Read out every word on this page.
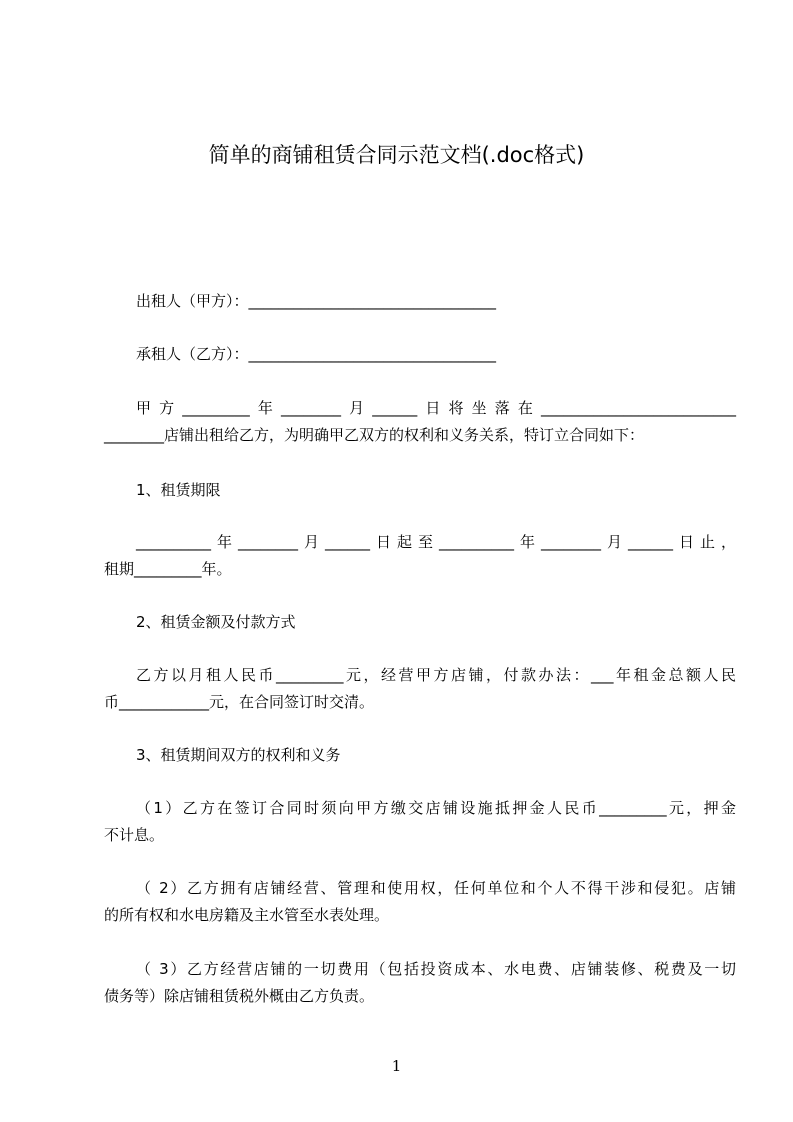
简单的商铺租赁合同示范文档(.doc格式)
出租人（甲方）：_________________________________
承租人（乙方）：_________________________________
甲方_________年________月______日将坐落在__________________________
________店铺出租给乙方，为明确甲乙双方的权利和义务关系，特订立合同如下：
1、租赁期限
__________年________月______日起至__________年________月______日止，
租期_________年。
2、租赁金额及付款方式
乙方以月租人民币_________元，经营甲方店铺，付款办法：___年租金总额人民
币____________元，在合同签订时交清。
3、租赁期间双方的权利和义务
（1）乙方在签订合同时须向甲方缴交店铺设施抵押金人民币_________元，押金
不计息。
（ 2）乙方拥有店铺经营、管理和使用权，任何单位和个人不得干涉和侵犯。店铺
的所有权和水电房籍及主水管至水表处理。
（ 3）乙方经营店铺的一切费用（包括投资成本、水电费、店铺装修、税费及一切
债务等）除店铺租赁税外概由乙方负责。
1
